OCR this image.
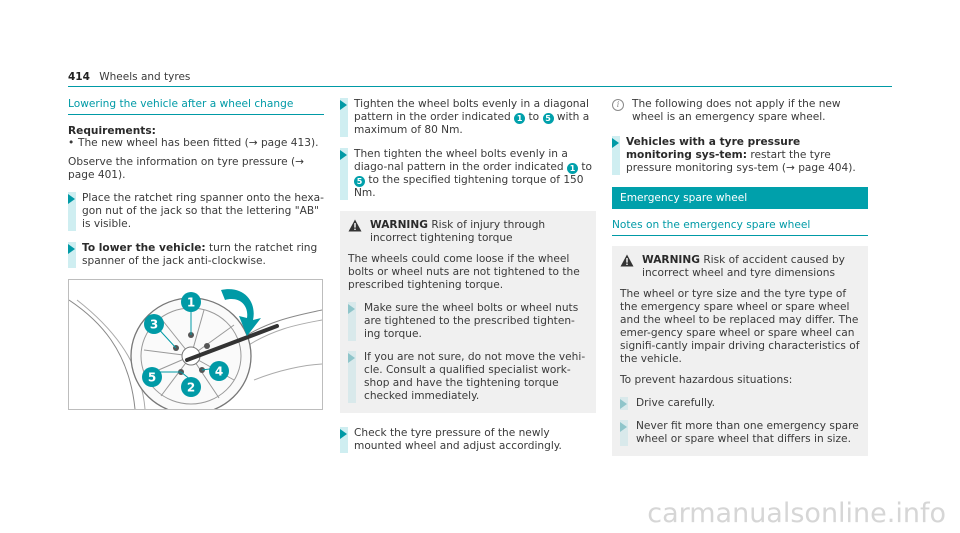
414 Wheels and tyres
Lowering the vehicle after a wheel change
Requirements:
• The new wheel has been fitted (→ page 413).

Observe the information on tyre pressure (→ page 401).

Place the ratchet ring spanner onto the hexa-gon nut of the jack so that the lettering "AB" is visible.
To lower the vehicle: turn the ratchet ring spanner of the jack anti-clockwise.
1
3
2
4
5
Tighten the wheel bolts evenly in a diagonal pattern in the order indicated 1 to 5 with a maximum of 80 Nm.
Then tighten the wheel bolts evenly in a diago-nal pattern in the order indicated 1 to 5 to the specified tightening torque of 150 Nm.
WARNING Risk of injury through incorrect tightening torque
The wheels could come loose if the wheel bolts or wheel nuts are not tightened to the prescribed tightening torque.
Make sure the wheel bolts or wheel nuts are tightened to the prescribed tighten-ing torque.
If you are not sure, do not move the vehi-cle. Consult a qualified specialist work-shop and have the tightening torque checked immediately.
Check the tyre pressure of the newly mounted wheel and adjust accordingly.
i	The following does not apply if the new wheel is an emergency spare wheel.
Vehicles with a tyre pressure monitoring sys-tem: restart the tyre pressure monitoring sys-tem (→ page 404).
Emergency spare wheel
Notes on the emergency spare wheel
WARNING Risk of accident caused by incorrect wheel and tyre dimensions
The wheel or tyre size and the tyre type of the emergency spare wheel or spare wheel and the wheel to be replaced may differ. The emer-gency spare wheel or spare wheel can signifi-cantly impair driving characteristics of the vehicle.
To prevent hazardous situations:
Drive carefully.
Never fit more than one emergency spare wheel or spare wheel that differs in size.
carmanualsonline.info
